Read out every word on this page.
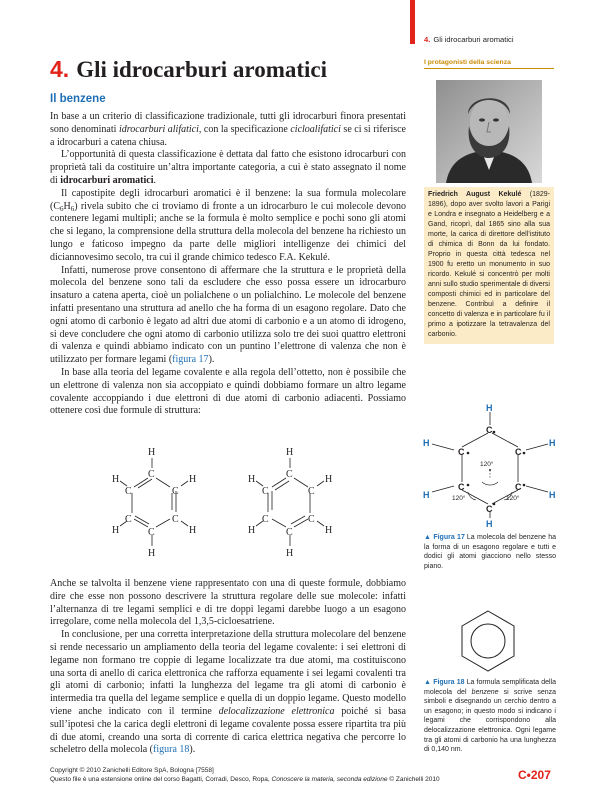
4. Gli idrocarburi aromatici
4. Gli idrocarburi aromatici
Il benzene

In base a un criterio di classificazione tradizionale, tutti gli idrocarburi finora presentati sono denominati idrocarburi alifatici, con la specificazione cicloalifatici se ci si riferisce a idrocarburi a catena chiusa.

L’opportunità di questa classificazione è dettata dal fatto che esistono idrocarburi con proprietà tali da costituire un’altra importante categoria, a cui è stato assegnato il nome di idrocarburi aromatici.

Il capostipite degli idrocarburi aromatici è il benzene: la sua formula molecolare $(C_6H_6)$ rivela subito che ci troviamo di fronte a un idrocarburo le cui molecole devono contenere legami multipli; anche se la formula è molto semplice e pochi sono gli atomi che si legano, la comprensione della struttura della molecola del benzene ha richiesto un lungo e faticoso impegno da parte delle migliori intelligenze dei chimici del diciannovesimo secolo, tra cui il grande chimico tedesco F.A. Kekulé.

Infatti, numerose prove consentono di affermare che la struttura e le proprietà della molecola del benzene sono tali da escludere che esso possa essere un idrocarburo insaturo a catena aperta, cioè un polialchene o un polialchino. Le molecole del benzene infatti presentano una struttura ad anello che ha forma di un esagono regolare. Dato che ogni atomo di carbonio è legato ad altri due atomi di carbonio e a un atomo di idrogeno, si deve concludere che ogni atomo di carbonio utilizza solo tre dei suoi quattro elettroni di valenza e quindi abbiamo indicato con un puntino l’elettrone di valenza che non è utilizzato per formare legami (figura 17).

In base alla teoria del legame covalente e alla regola dell’ottetto, non è possibile che un elettrone di valenza non sia accoppiato e quindi dobbiamo formare un altro legame covalente accoppiando i due elettroni di due atomi di carbonio adiacenti. Possiamo ottenere così due formule di struttura:

H
C
C	C
C	C
C
H
H	H
H	H
H
C
C	C
C	C
C
H
H	H
H	H

Anche se talvolta il benzene viene rappresentato con una di queste formule, dobbiamo dire che esse non possono descrivere la struttura regolare delle sue molecole: infatti l’alternanza di tre legami semplici e di tre doppi legami darebbe luogo a un esagono irregolare, come nella molecola del 1,3,5-cicloesatriene.

In conclusione, per una corretta interpretazione della struttura molecolare del benzene si rende necessario un ampliamento della teoria del legame covalente: i sei elettroni di legame non formano tre coppie di legame localizzate tra due atomi, ma costituiscono una sorta di anello di carica elettronica che rafforza equamente i sei legami covalenti tra gli atomi di carbonio; infatti la lunghezza del legame tra gli atomi di carbonio è intermedia tra quella del legame semplice e quella di un doppio legame. Questo modello viene anche indicato con il termine delocalizzazione elettronica poiché si basa sull’ipotesi che la carica degli elettroni di legame covalente possa essere ripartita tra più di due atomi, creando una sorta di corrente di carica elettrica negativa che percorre lo scheletro della molecola (figura 18).

I protagonisti della scienza
Friedrich August Kekulé (1829-1896), dopo aver svolto lavori a Parigi e Londra e insegnato a Heidelberg e a Gand, ricoprì, dal 1865 sino alla sua morte, la carica di direttore dell’istituto di chimica di Bonn da lui fondato. Proprio in questa città tedesca nel 1900 fu eretto un monumento in suo ricordo. Kekulé si concentrò per molti anni sullo studio sperimentale di diversi composti chimici ed in particolare del benzene. Contribuì a definire il concetto di valenza e in particolare fu il primo a ipotizzare la tetravalenza del carbonio.
H
C
C	C
C	C
C
H
H	H
H	H
120°
120°	120°
▲ Figura 17 La molecola del benzene ha la forma di un esagono regolare e tutti e dodici gli atomi giacciono nello stesso piano.
▲ Figura 18 La formula semplificata della molecola del benzene si scrive senza simboli e disegnando un cerchio dentro a un esagono; in questo modo si indicano i legami che corrispondono alla delocalizzazione elettronica. Ogni legame tra gli atomi di carbonio ha una lunghezza di 0,140 nm.
Copyright © 2010 Zanichelli Editore SpA, Bologna [7558]
Questo file è una estensione online del corso Bagatti, Corradi, Desco, Ropa, Conoscere la materia, seconda edizione © Zanichelli 2010	C•207
